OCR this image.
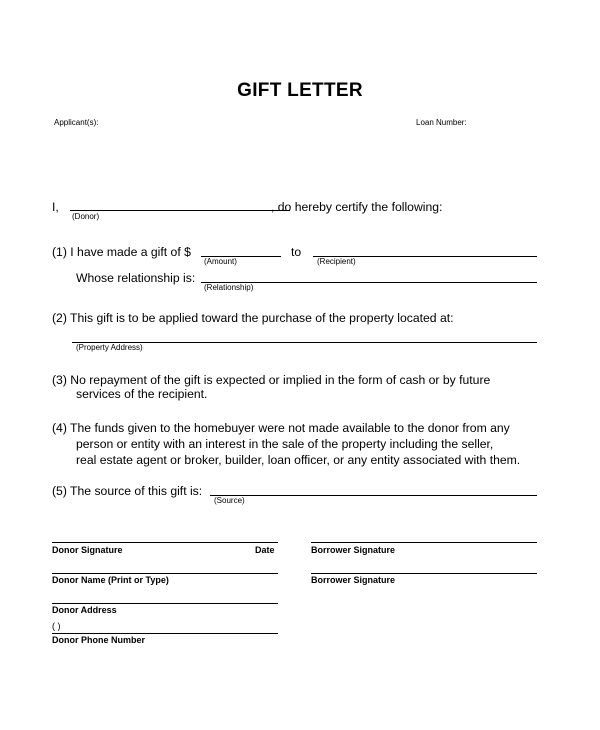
GIFT LETTER
Applicant(s):	Loan Number:
I,
(Donor)
, do hereby certify the following:
(1) I have made a gift of $
(Amount)
to
(Recipient)
Whose relationship is:
(Relationship)
(2) This gift is to be applied toward the purchase of the property located at:
(Property Address)
(3) No repayment of the gift is expected or implied in the form of cash or by future
services of the recipient.
(4) The funds given to the homebuyer were not made available to the donor from any
person or entity with an interest in the sale of the property including the seller,
real estate agent or broker, builder, loan officer, or any entity associated with them.
(5) The source of this gift is:
(Source)
Donor Signature	Date	Borrower Signature
Donor Name (Print or Type)	Borrower Signature
Donor Address
( )
Donor Phone Number
